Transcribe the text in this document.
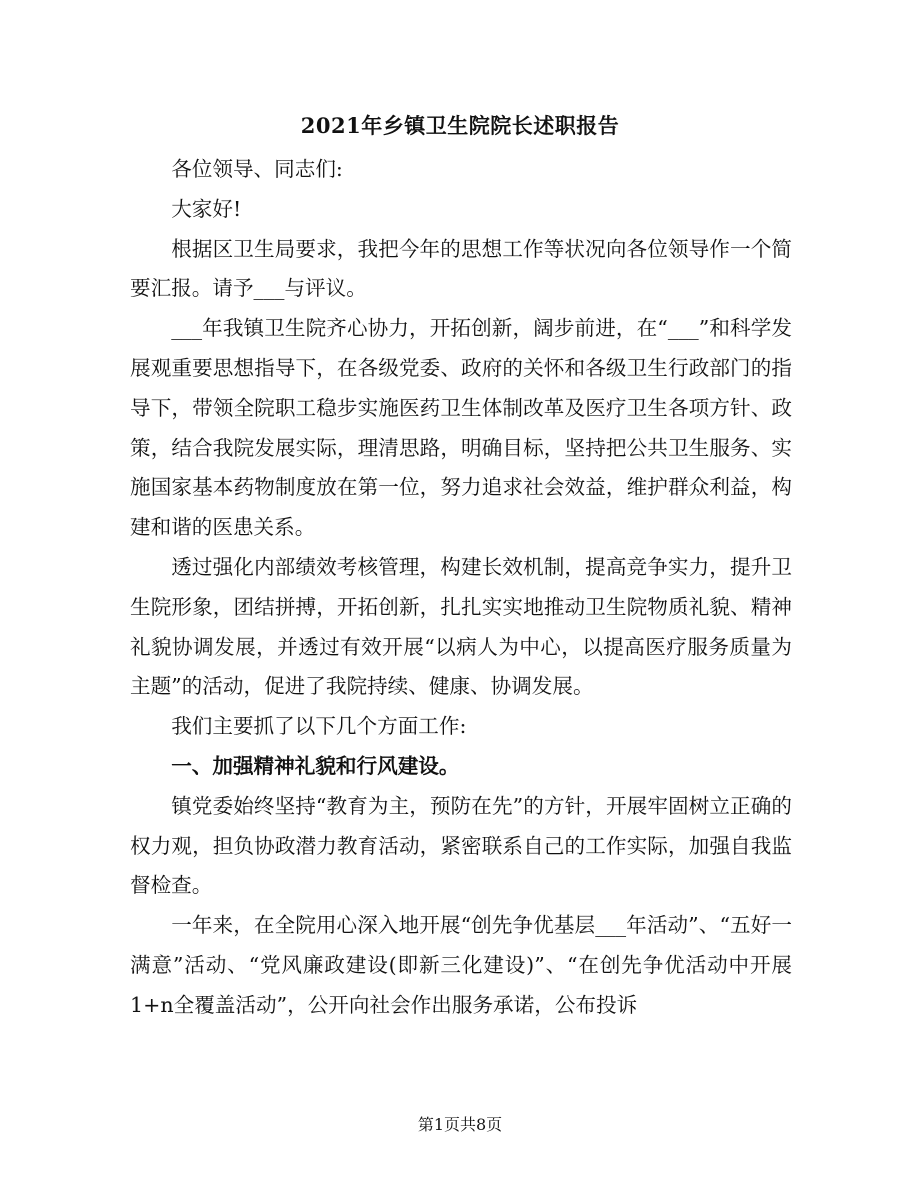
2021年乡镇卫生院院长述职报告

各位领导、同志们:

大家好!

根据区卫生局要求，我把今年的思想工作等状况向各位领导作一个简要汇报。请予___与评议。

___年我镇卫生院齐心协力，开拓创新，阔步前进，在“___”和科学发展观重要思想指导下，在各级党委、政府的关怀和各级卫生行政部门的指导下，带领全院职工稳步实施医药卫生体制改革及医疗卫生各项方针、政策，结合我院发展实际，理清思路，明确目标，坚持把公共卫生服务、实施国家基本药物制度放在第一位，努力追求社会效益，维护群众利益，构建和谐的医患关系。

透过强化内部绩效考核管理，构建长效机制，提高竞争实力，提升卫生院形象，团结拼搏，开拓创新，扎扎实实地推动卫生院物质礼貌、精神礼貌协调发展，并透过有效开展“以病人为中心，以提高医疗服务质量为主题”的活动，促进了我院持续、健康、协调发展。

我们主要抓了以下几个方面工作:

一、加强精神礼貌和行风建设。

镇党委始终坚持“教育为主，预防在先”的方针，开展牢固树立正确的权力观，担负协政潜力教育活动，紧密联系自己的工作实际，加强自我监督检查。

一年来，在全院用心深入地开展“创先争优基层___年活动”、“五好一满意”活动、“党风廉政建设(即新三化建设)”、“在创先争优活动中开展1+n全覆盖活动”，公开向社会作出服务承诺，公布投诉

第1页共8页
